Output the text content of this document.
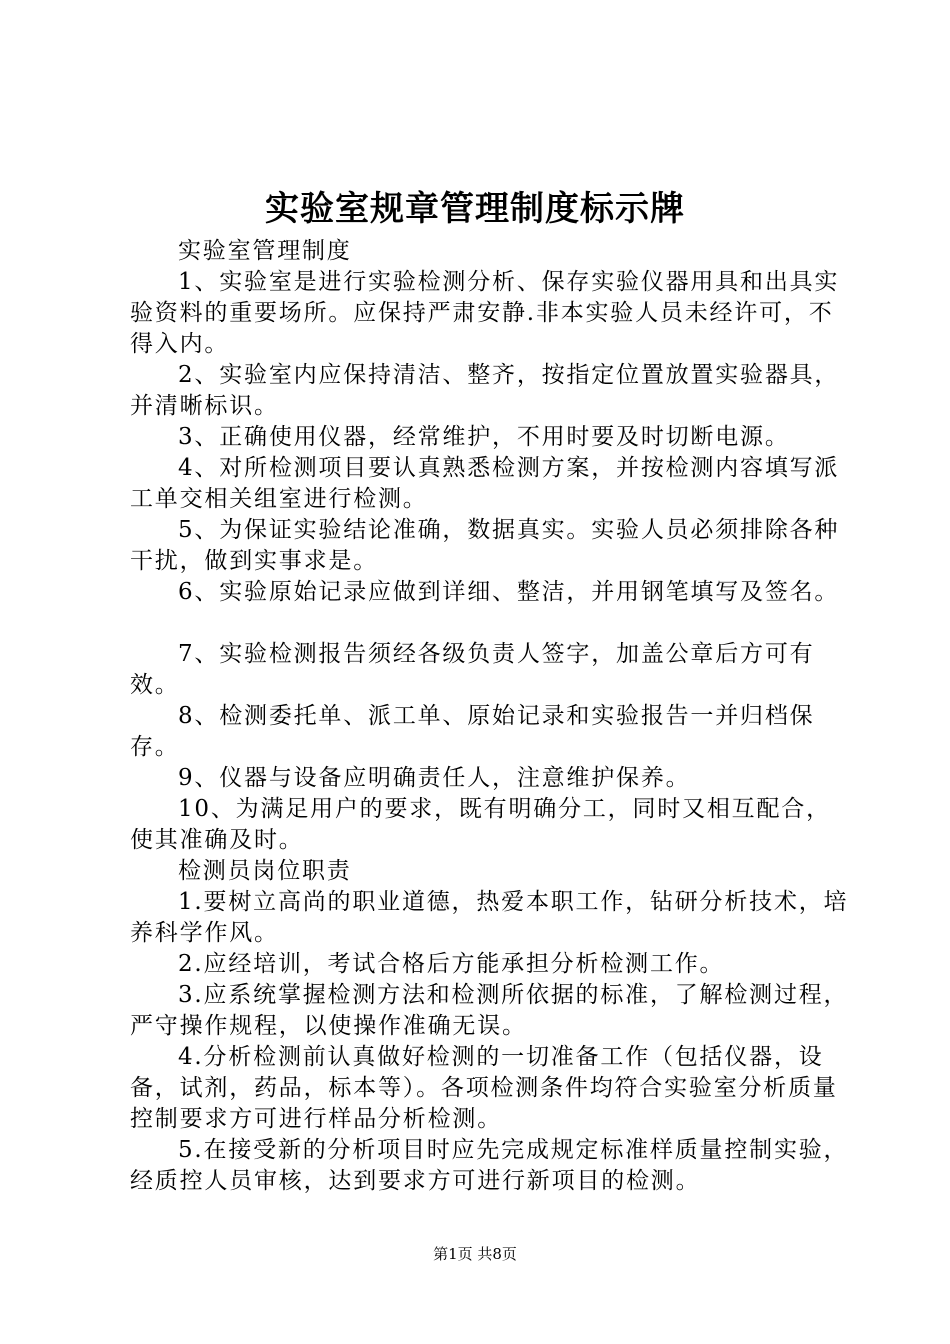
实验室规章管理制度标示牌

实验室管理制度

1、实验室是进行实验检测分析、保存实验仪器用具和出具实验资料的重要场所。应保持严肃安静.非本实验人员未经许可，不得入内。

2、实验室内应保持清洁、整齐，按指定位置放置实验器具，并清晰标识。

3、正确使用仪器，经常维护，不用时要及时切断电源。

4、对所检测项目要认真熟悉检测方案，并按检测内容填写派工单交相关组室进行检测。

5、为保证实验结论准确，数据真实。实验人员必须排除各种干扰，做到实事求是。

6、实验原始记录应做到详细、整洁，并用钢笔填写及签名。

7、实验检测报告须经各级负责人签字，加盖公章后方可有效。

8、检测委托单、派工单、原始记录和实验报告一并归档保存。

9、仪器与设备应明确责任人，注意维护保养。

10、为满足用户的要求，既有明确分工，同时又相互配合，使其准确及时。

检测员岗位职责

1.要树立高尚的职业道德，热爱本职工作，钻研分析技术，培养科学作风。

2.应经培训，考试合格后方能承担分析检测工作。

3.应系统掌握检测方法和检测所依据的标准，了解检测过程，严守操作规程，以使操作准确无误。

4.分析检测前认真做好检测的一切准备工作（包括仪器，设备，试剂，药品，标本等）。各项检测条件均符合实验室分析质量控制要求方可进行样品分析检测。

5.在接受新的分析项目时应先完成规定标准样质量控制实验，经质控人员审核，达到要求方可进行新项目的检测。

第1页 共8页
